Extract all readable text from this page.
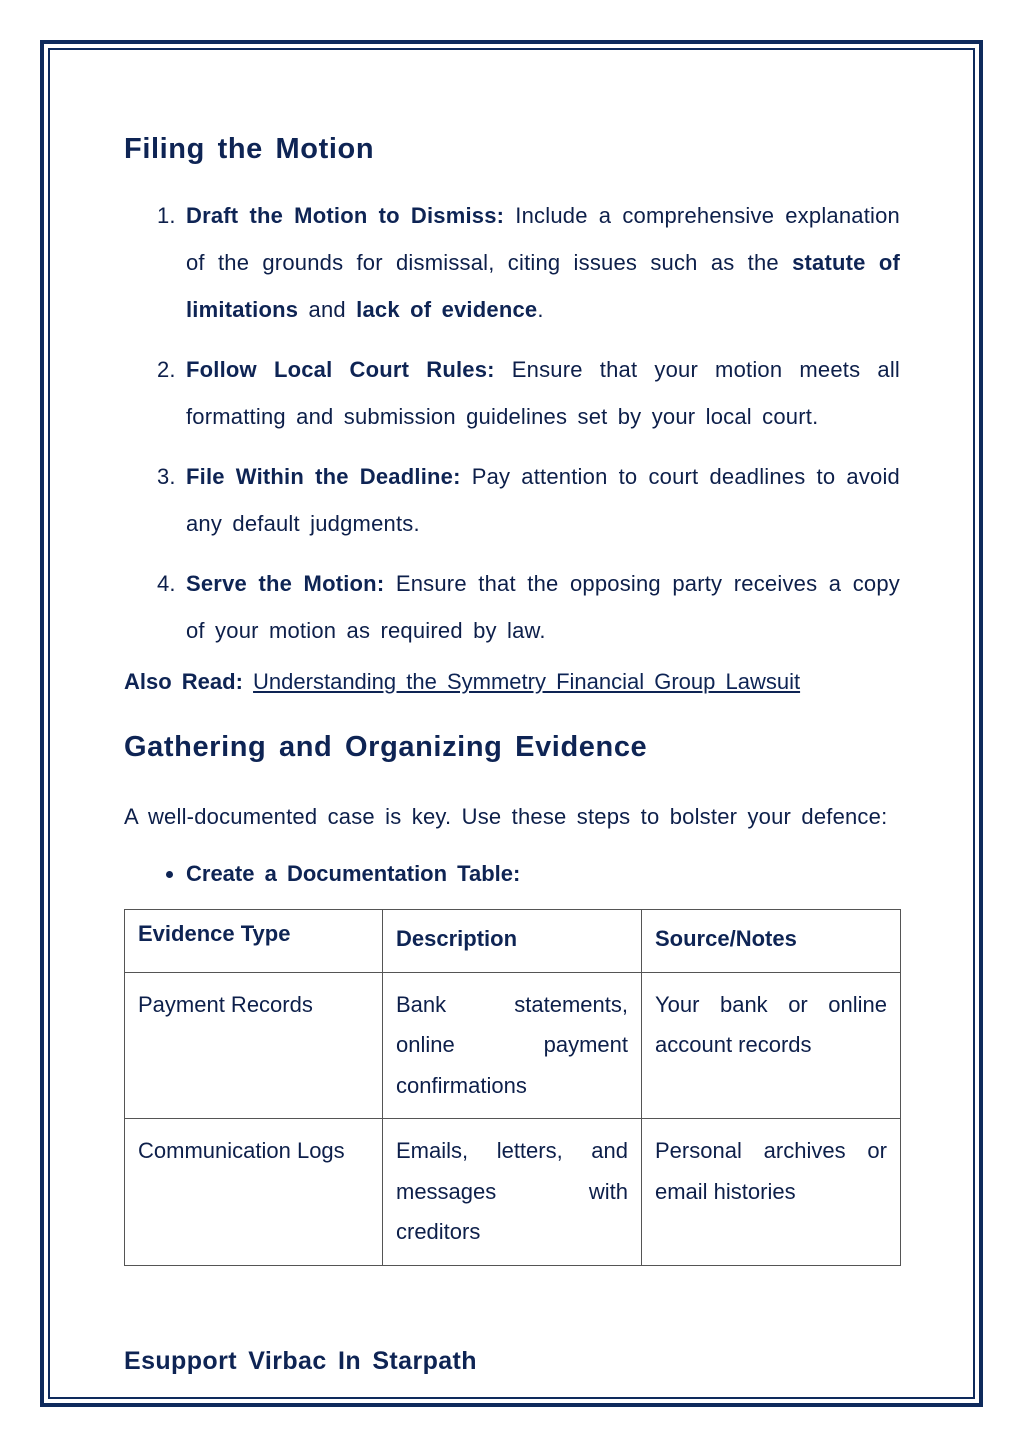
Filing the Motion
1. Draft the Motion to Dismiss: Include a comprehensive explanation of the grounds for dismissal, citing issues such as the statute of limitations and lack of evidence.
2. Follow Local Court Rules: Ensure that your motion meets all formatting and submission guidelines set by your local court.
3. File Within the Deadline: Pay attention to court deadlines to avoid any default judgments.
4. Serve the Motion: Ensure that the opposing party receives a copy of your motion as required by law.
Also Read: Understanding the Symmetry Financial Group Lawsuit
Gathering and Organizing Evidence

A well-documented case is key. Use these steps to bolster your defence:

• Create a Documentation Table:
Evidence Type	Description	Source/Notes
Payment Records	Bank statements, online payment confirmations	Your bank or online account records
Communication Logs	Emails, letters, and messages with creditors	Personal archives or email histories
Esupport Virbac In Starpath
